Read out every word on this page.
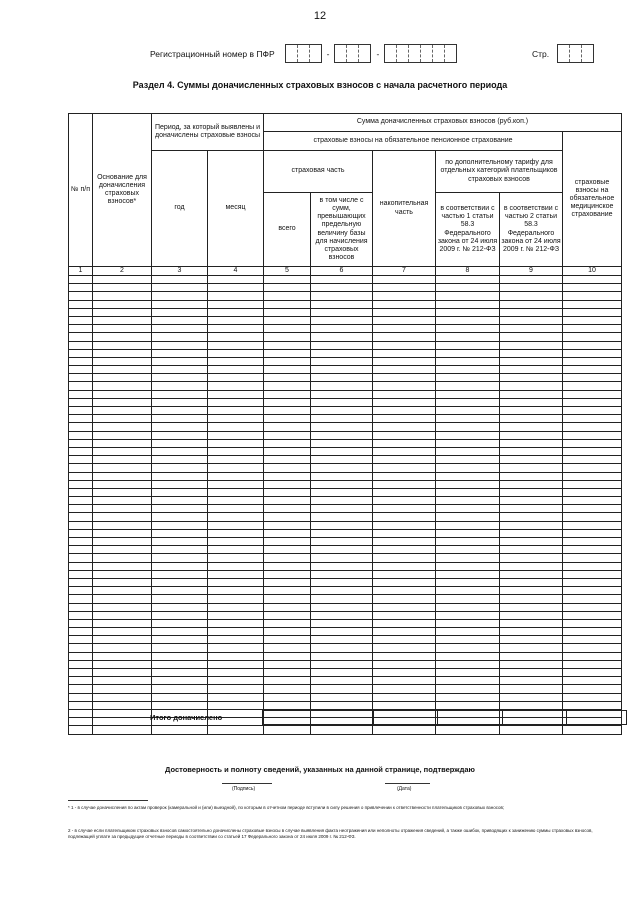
12
Регистрационный номер в ПФР	-	-	Стр.
Раздел 4. Суммы доначисленных страховых взносов с начала расчетного периода
№ п/п	Основание для доначисления страховых взносов*	Период, за который выявлены и доначислены страховые взносы		Сумма доначисленных страховых взносов (руб.коп.)					
				страховые взносы на обязательное пенсионное страхование					страховые взносы на обязательное медицинское страхование
		год	месяц	страховая часть		накопительная часть	по дополнительному тарифу для отдельных категорий плательщиков страховых взносов		
				всего	в том числе с сумм, превышающих предельную величину базы для начисления страховых взносов		в соответствии с частью 1 статьи 58.3 Федерального закона от 24 июля 2009 г. № 212-ФЗ	в соответствии с частью 2 статьи 58.3 Федерального закона от 24 июля 2009 г. № 212-ФЗ	

1	2	3	4	5	6	7	8	9	10

Итого доначислено
Достоверность и полноту сведений, указанных на данной странице, подтверждаю
(Подпись)	(Дата)
* 1 - в случае доначисления по актам проверок (камеральной и (или) выездной), по которым в отчетном периоде вступили в силу решения о привлечении к ответственности плательщиков страховых взносов;
2 - в случае если плательщиком страховых взносов самостоятельно доначислены страховые взносы в случае выявления факта неотражения или неполноты отражения сведений, а также ошибок, приводящих к занижению суммы страховых взносов, подлежащей уплате за предыдущие отчетные периоды в соответствии со статьей 17 Федерального закона от 24 июля 2009 г. № 212-ФЗ.
